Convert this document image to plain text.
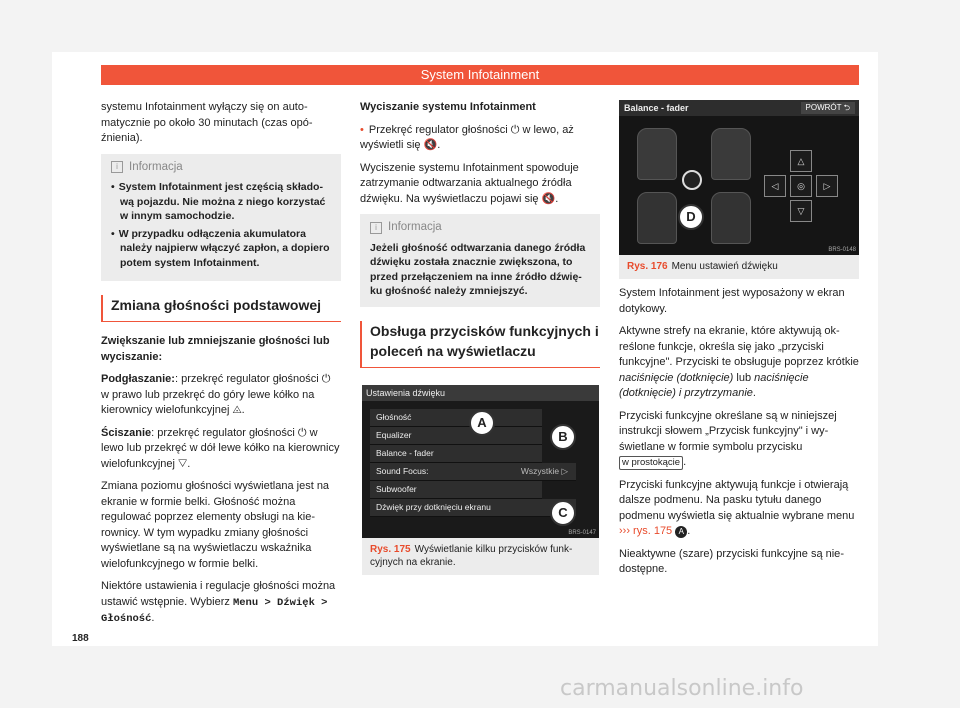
System Infotainment

systemu Infotainment wyłączy się on automatycznie po około 30 minutach (czas opóźnienia).

i Informacja
• System Infotainment jest częścią składową pojazdu. Nie można z niego korzystać w innym samochodzie.
• W przypadku odłączenia akumulatora należy najpierw włączyć zapłon, a dopiero potem system Infotainment.
Zmiana głośności podstawowej

Zwiększanie lub zmniejszanie głośności lub wyciszanie:

Podgłaszanie:: przekręć regulator głośności ⏻ w prawo lub przekręć do góry lewe kółko na kierownicy wielofunkcyjnej ◬.

Ściszanie: przekręć regulator głośności ⏻ w lewo lub przekręć w dół lewe kółko na kierownicy wielofunkcyjnej ▽.

Zmiana poziomu głośności wyświetlana jest na ekranie w formie belki. Głośność można regulować poprzez elementy obsługi na kierownicy. W tym wypadku zmiany głośności wyświetlane są na wyświetlaczu wskaźnika wielofunkcyjnego w formie belki.

Niektóre ustawienia i regulacje głośności można ustawić wstępnie. Wybierz Menu > Dźwięk > Głośność.

188

Wyciszanie systemu Infotainment

• Przekręć regulator głośności ⏻ w lewo, aż wyświetli się 🔇.

Wyciszenie systemu Infotainment spowoduje zatrzymanie odtwarzania aktualnego źródła dźwięku. Na wyświetlaczu pojawi się 🔇.

i Informacja
Jeżeli głośność odtwarzania danego źródła dźwięku została znacznie zwiększona, to przed przełączeniem na inne źródło dźwięku głośność należy zmniejszyć.
Obsługa przycisków funkcyjnych i poleceń na wyświetlaczu
Ustawienia dźwięku
Głośność
Equalizer
Balance - fader
Sound Focus:	Wszystkie ▷
Subwoofer
Dźwięk przy dotknięciu ekranu
A
B
C
BRS-0147
Rys. 175 Wyświetlanie kilku przycisków funkcyjnych na ekranie.
Balance - fader	POWRÓT ⮌
D
△
◁	◎	▷
▽
BRS-0148
Rys. 176 Menu ustawień dźwięku

System Infotainment jest wyposażony w ekran dotykowy.

Aktywne strefy na ekranie, które aktywują określone funkcje, określa się jako „przyciski funkcyjne". Przyciski te obsługuje poprzez krótkie naciśnięcie (dotknięcie) lub naciśnięcie (dotknięcie) i przytrzymanie.

Przyciski funkcyjne określane są w niniejszej instrukcji słowem „Przycisk funkcyjny" i wyświetlane w formie symbolu przycisku w prostokącie .

Przyciski funkcyjne aktywują funkcje i otwierają dalsze podmenu. Na pasku tytułu danego podmenu wyświetla się aktualnie wybrane menu ››› rys. 175 A .

Nieaktywne (szare) przyciski funkcyjne są niedostępne.

carmanualsonline.info
